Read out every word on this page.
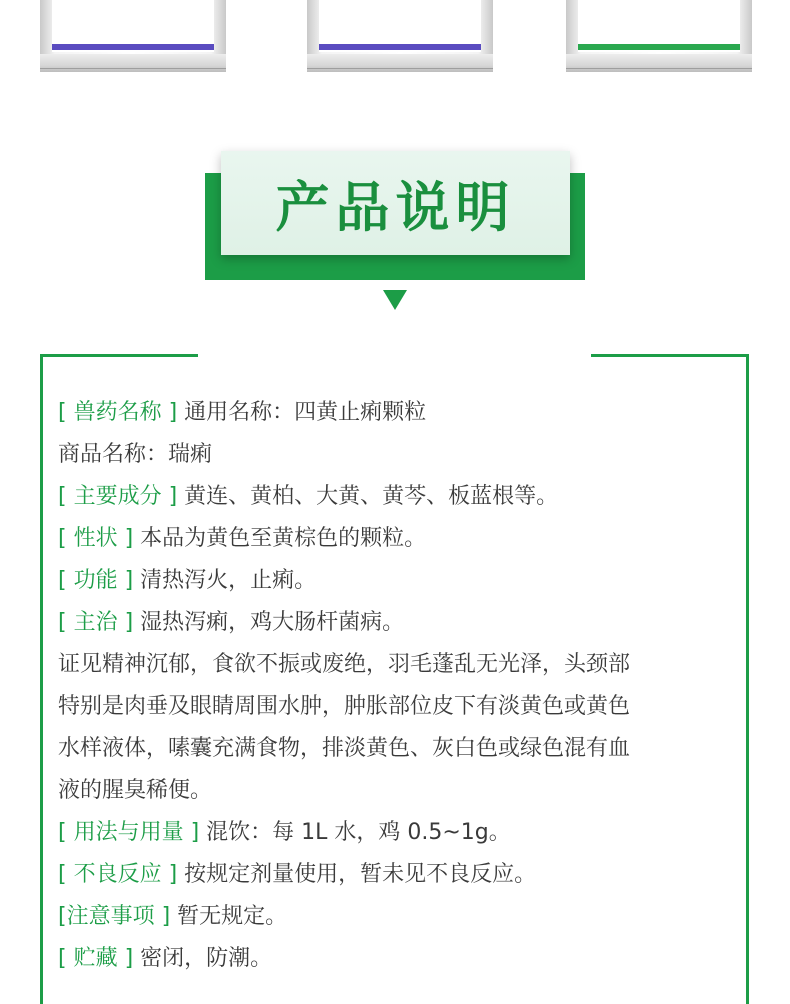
产品说明
[ 兽药名称 ] 通用名称：四黄止痢颗粒
商品名称：瑞痢
[ 主要成分 ] 黄连、黄柏、大黄、黄芩、板蓝根等。
[ 性状 ] 本品为黄色至黄棕色的颗粒。
[ 功能 ] 清热泻火，止痢。
[ 主治 ] 湿热泻痢，鸡大肠杆菌病。
证见精神沉郁，食欲不振或废绝，羽毛蓬乱无光泽，头颈部
特别是肉垂及眼睛周围水肿，肿胀部位皮下有淡黄色或黄色
水样液体，嗉囊充满食物，排淡黄色、灰白色或绿色混有血
液的腥臭稀便。
[ 用法与用量 ] 混饮：每 1L 水，鸡 0.5~1g。
[ 不良反应 ] 按规定剂量使用，暂未见不良反应。
[注意事项 ] 暂无规定。
[ 贮藏 ] 密闭，防潮。
